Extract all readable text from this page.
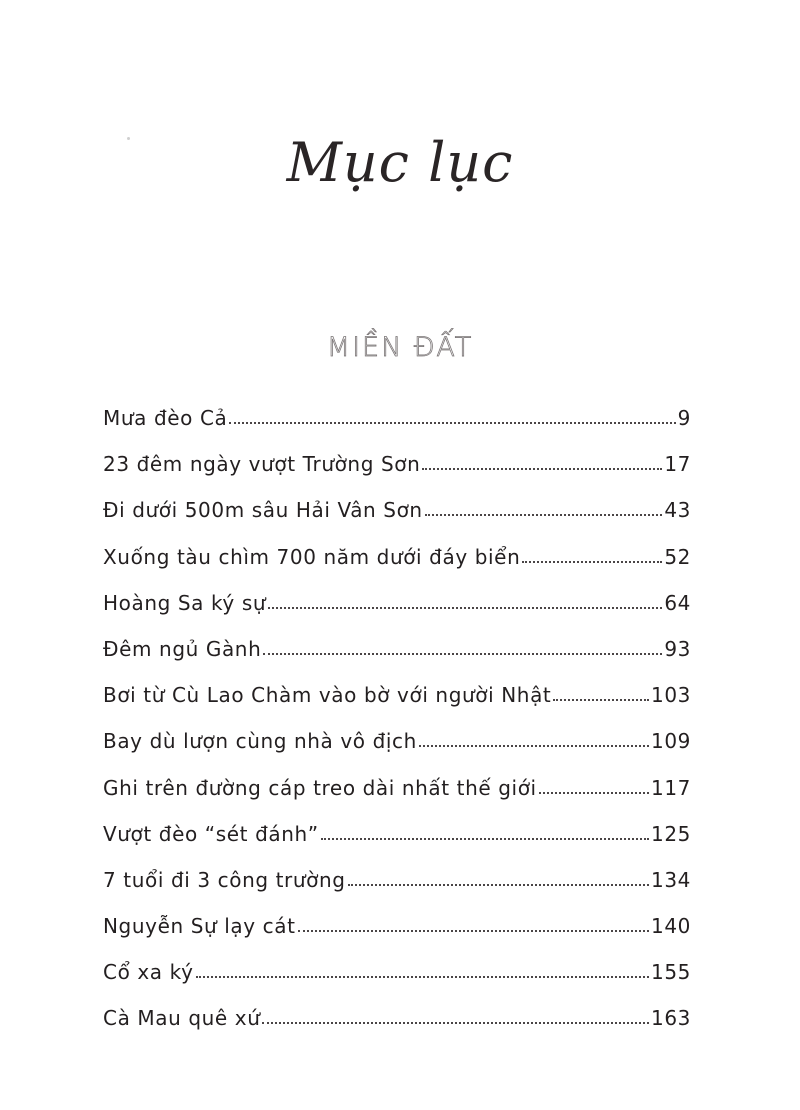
Mục lục
MIỀN ĐẤT
Mưa đèo Cả	9
23 đêm ngày vượt Trường Sơn	17
Đi dưới 500m sâu Hải Vân Sơn	43
Xuống tàu chìm 700 năm dưới đáy biển	52
Hoàng Sa ký sự	64
Đêm ngủ Gành	93
Bơi từ Cù Lao Chàm vào bờ với người Nhật	103
Bay dù lượn cùng nhà vô địch	109
Ghi trên đường cáp treo dài nhất thế giới	117
Vượt đèo “sét đánh”	125
7 tuổi đi 3 công trường	134
Nguyễn Sự lạy cát	140
Cổ xa ký	155
Cà Mau quê xứ	163
